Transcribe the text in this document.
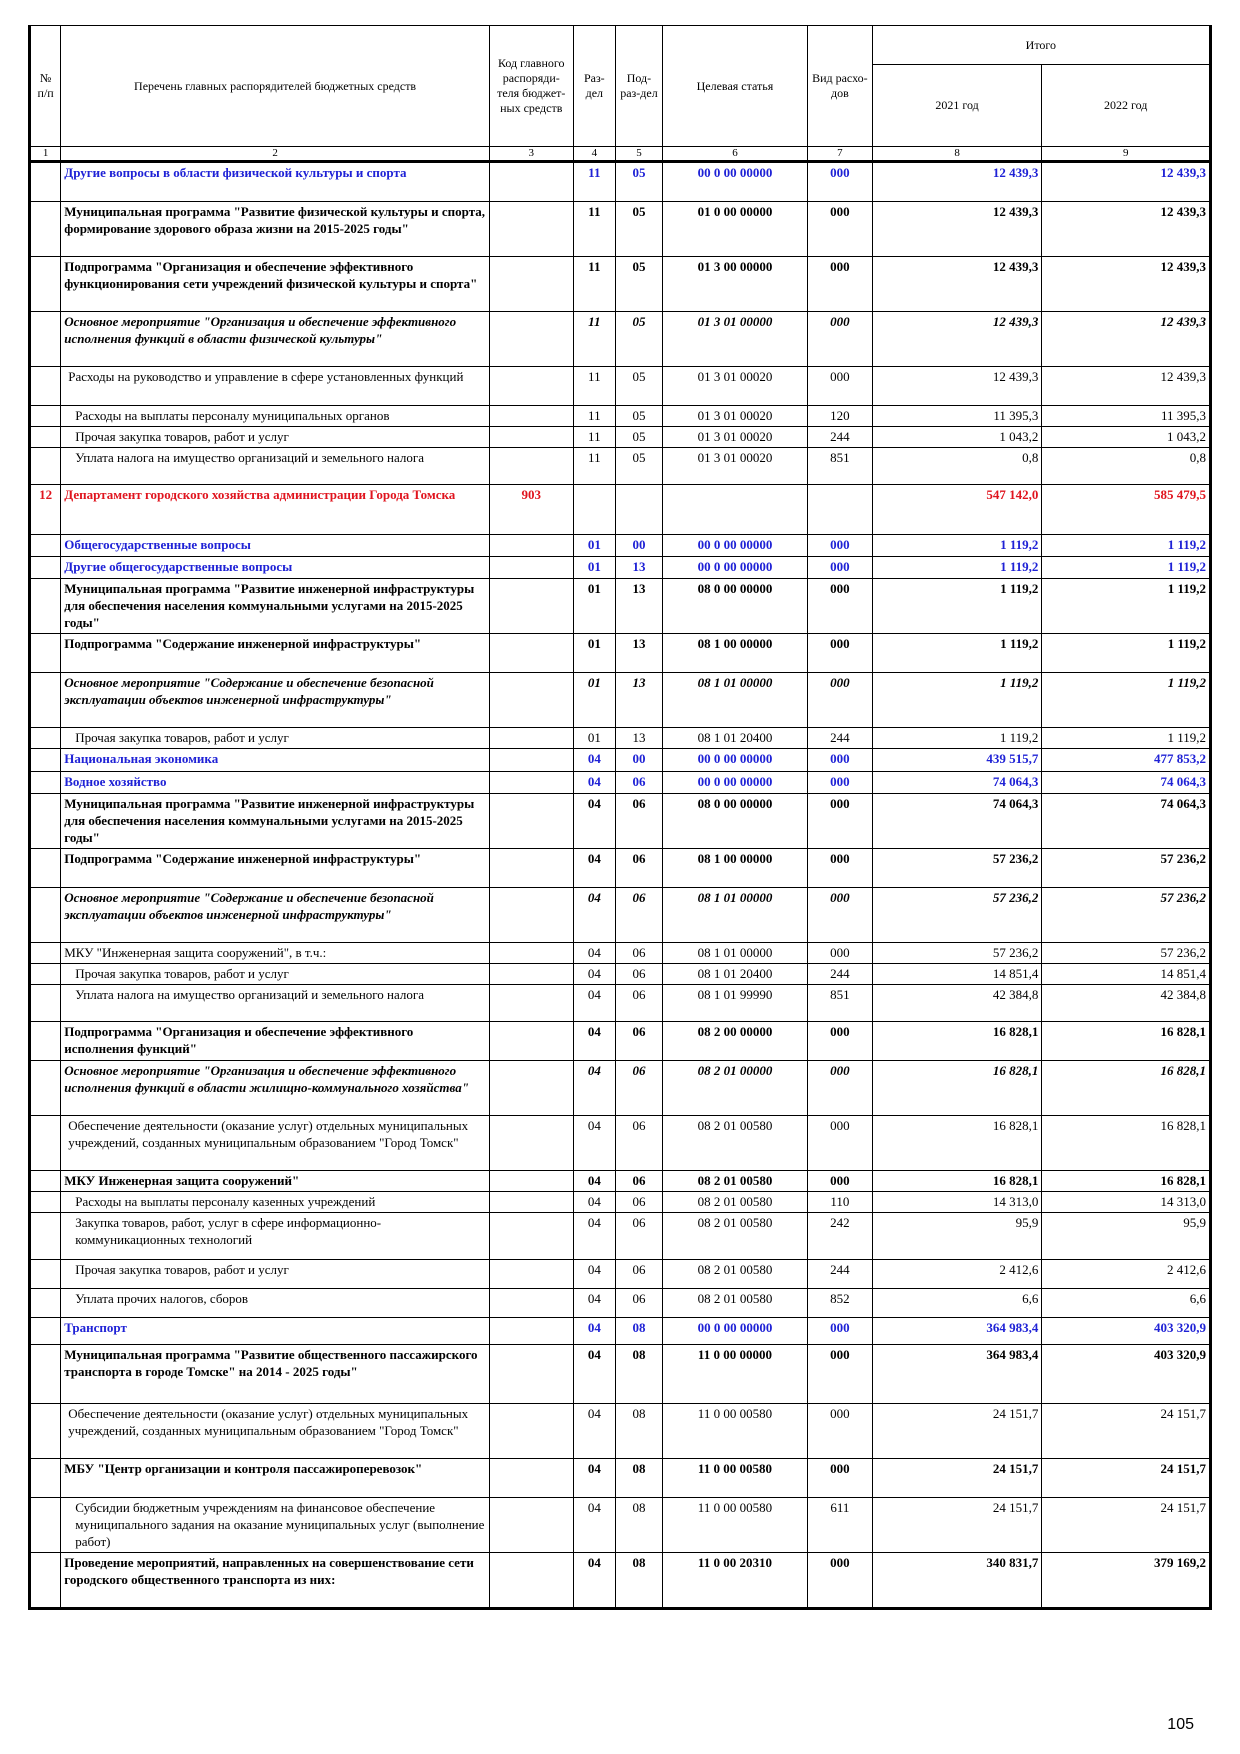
№ п/п	Перечень главных распорядителей бюджетных средств	Код главного распоряди-теля бюджет-ных средств	Раз-дел	Под-раз-дел	Целевая статья	Вид расхо-дов	Итого	
							2021 год	2022 год
1	2	3	4	5	6	7	8	9
	Другие вопросы в области физической культуры и спорта		11	05	00 0 00 00000	000	12 439,3	12 439,3
	Муниципальная программа "Развитие физической культуры и спорта, формирование здорового образа жизни на 2015-2025 годы"		11	05	01 0 00 00000	000	12 439,3	12 439,3
	Подпрограмма "Организация и обеспечение эффективного функционирования сети учреждений физической культуры и спорта"		11	05	01 3 00 00000	000	12 439,3	12 439,3
	Основное мероприятие "Организация и обеспечение эффективного исполнения функций в области физической культуры"		11	05	01 3 01 00000	000	12 439,3	12 439,3
	Расходы на руководство и управление в сфере установленных функций		11	05	01 3 01 00020	000	12 439,3	12 439,3
	Расходы на выплаты персоналу муниципальных органов		11	05	01 3 01 00020	120	11 395,3	11 395,3
	Прочая закупка товаров, работ и услуг		11	05	01 3 01 00020	244	1 043,2	1 043,2
	Уплата налога на имущество организаций и земельного налога		11	05	01 3 01 00020	851	0,8	0,8
12	Департамент городского хозяйства администрации Города Томска	903					547 142,0	585 479,5
	Общегосударственные вопросы		01	00	00 0 00 00000	000	1 119,2	1 119,2
	Другие общегосударственные вопросы		01	13	00 0 00 00000	000	1 119,2	1 119,2
	Муниципальная программа "Развитие инженерной инфраструктуры для обеспечения населения коммунальными услугами на 2015-2025 годы"		01	13	08 0 00 00000	000	1 119,2	1 119,2
	Подпрограмма "Содержание инженерной инфраструктуры"		01	13	08 1 00 00000	000	1 119,2	1 119,2
	Основное мероприятие "Содержание и обеспечение безопасной эксплуатации объектов инженерной инфраструктуры"		01	13	08 1 01 00000	000	1 119,2	1 119,2
	Прочая закупка товаров, работ и услуг		01	13	08 1 01 20400	244	1 119,2	1 119,2
	Национальная экономика		04	00	00 0 00 00000	000	439 515,7	477 853,2
	Водное хозяйство		04	06	00 0 00 00000	000	74 064,3	74 064,3
	Муниципальная программа "Развитие инженерной инфраструктуры для обеспечения населения коммунальными услугами на 2015-2025 годы"		04	06	08 0 00 00000	000	74 064,3	74 064,3
	Подпрограмма "Содержание инженерной инфраструктуры"		04	06	08 1 00 00000	000	57 236,2	57 236,2
	Основное мероприятие "Содержание и обеспечение безопасной эксплуатации объектов инженерной инфраструктуры"		04	06	08 1 01 00000	000	57 236,2	57 236,2
	МКУ "Инженерная защита сооружений", в т.ч.:		04	06	08 1 01 00000	000	57 236,2	57 236,2
	Прочая закупка товаров, работ и услуг		04	06	08 1 01 20400	244	14 851,4	14 851,4
	Уплата налога на имущество организаций и земельного налога		04	06	08 1 01 99990	851	42 384,8	42 384,8
	Подпрограмма "Организация и обеспечение эффективного исполнения функций"		04	06	08 2 00 00000	000	16 828,1	16 828,1
	Основное мероприятие "Организация и обеспечение эффективного исполнения функций в области жилищно-коммунального хозяйства"		04	06	08 2 01 00000	000	16 828,1	16 828,1
	Обеспечение деятельности (оказание услуг) отдельных муниципальных учреждений, созданных муниципальным образованием "Город Томск"		04	06	08 2 01 00580	000	16 828,1	16 828,1
	МКУ Инженерная защита сооружений"		04	06	08 2 01 00580	000	16 828,1	16 828,1
	Расходы на выплаты персоналу казенных учреждений		04	06	08 2 01 00580	110	14 313,0	14 313,0
	Закупка товаров, работ, услуг в сфере информационно-коммуникационных технологий		04	06	08 2 01 00580	242	95,9	95,9
	Прочая закупка товаров, работ и услуг		04	06	08 2 01 00580	244	2 412,6	2 412,6
	Уплата прочих налогов, сборов		04	06	08 2 01 00580	852	6,6	6,6
	Транспорт		04	08	00 0 00 00000	000	364 983,4	403 320,9
	Муниципальная программа "Развитие общественного пассажирского транспорта в городе Томске" на 2014 - 2025 годы"		04	08	11 0 00 00000	000	364 983,4	403 320,9
	Обеспечение деятельности (оказание услуг) отдельных муниципальных учреждений, созданных муниципальным образованием "Город Томск"		04	08	11 0 00 00580	000	24 151,7	24 151,7
	МБУ "Центр организации и контроля пассажироперевозок"		04	08	11 0 00 00580	000	24 151,7	24 151,7
	Субсидии бюджетным учреждениям на финансовое обеспечение муниципального задания на оказание муниципальных услуг (выполнение работ)		04	08	11 0 00 00580	611	24 151,7	24 151,7
	Проведение мероприятий, направленных на совершенствование сети городского общественного транспорта из них:		04	08	11 0 00 20310	000	340 831,7	379 169,2
105
